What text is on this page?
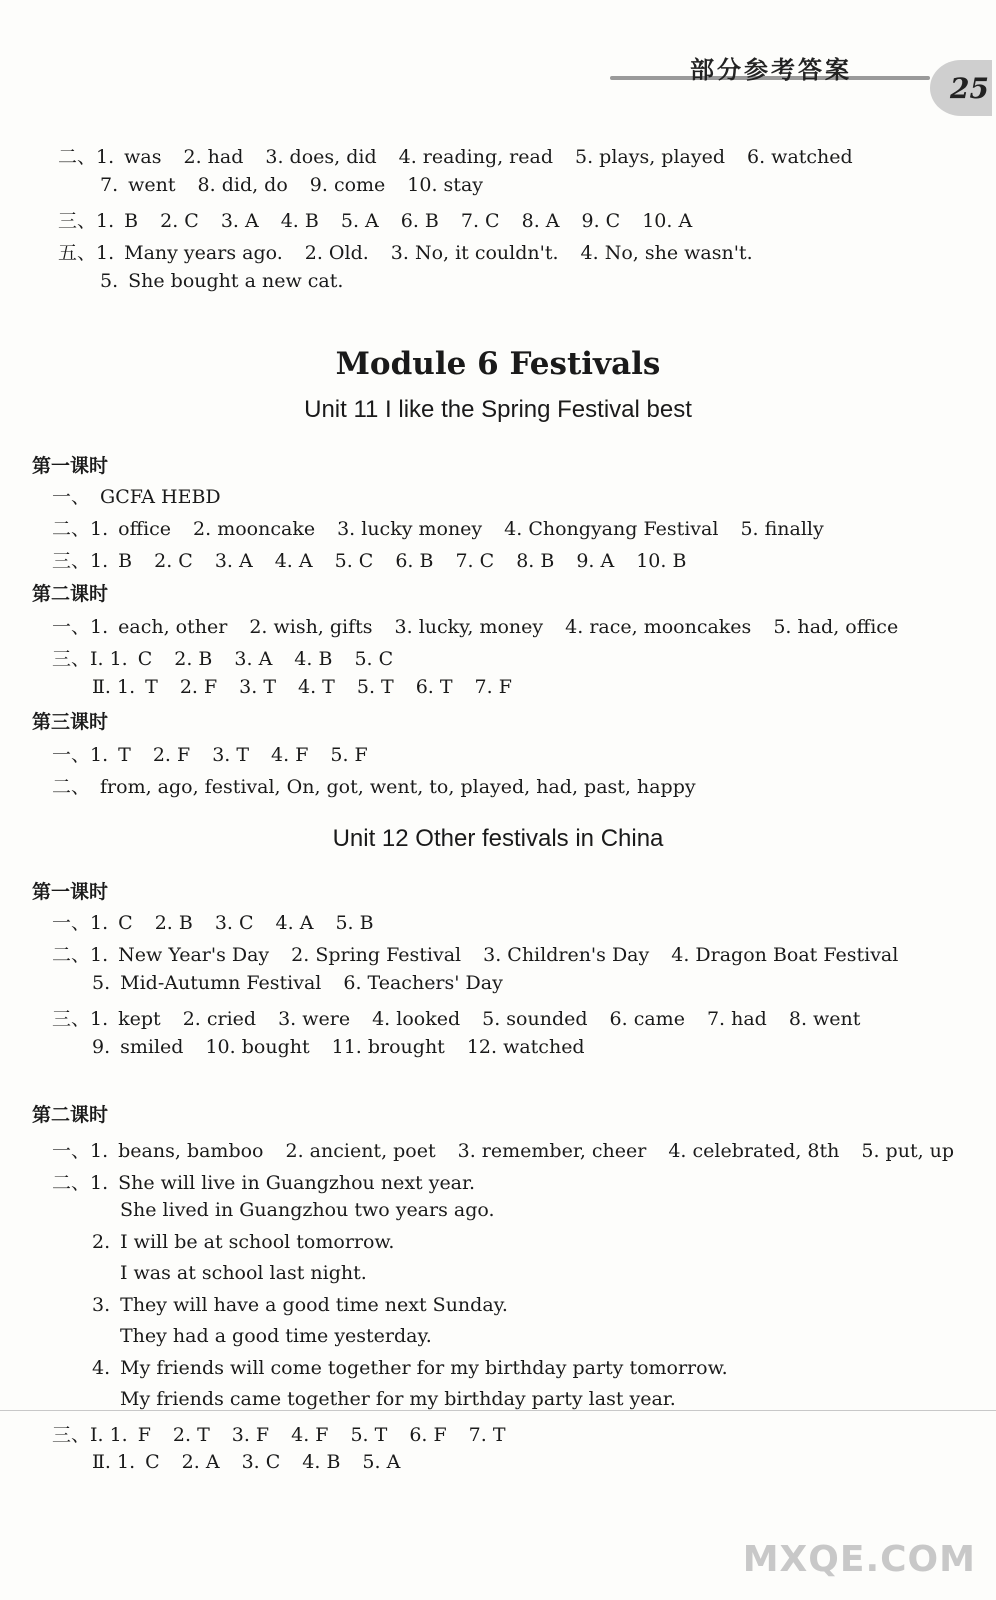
部分参考答案
25
二、1. was 2. had 3. does, did 4. reading, read 5. plays, played 6. watched
7. went 8. did, do 9. come 10. stay
三、1. B 2. C 3. A 4. B 5. A 6. B 7. C 8. A 9. C 10. A
五、1. Many years ago. 2. Old. 3. No, it couldn't. 4. No, she wasn't.
5. She bought a new cat.
Module 6 Festivals
Unit 11 I like the Spring Festival best
第一课时
一、 GCFA HEBD
二、1. office 2. mooncake 3. lucky money 4. Chongyang Festival 5. finally
三、1. B 2. C 3. A 4. A 5. C 6. B 7. C 8. B 9. A 10. B
第二课时
一、1. each, other 2. wish, gifts 3. lucky, money 4. race, mooncakes 5. had, office
三、Ⅰ. 1. C 2. B 3. A 4. B 5. C
Ⅱ. 1. T 2. F 3. T 4. T 5. T 6. T 7. F
第三课时
一、1. T 2. F 3. T 4. F 5. F
二、 from, ago, festival, On, got, went, to, played, had, past, happy
Unit 12 Other festivals in China
第一课时
一、1. C 2. B 3. C 4. A 5. B
二、1. New Year's Day 2. Spring Festival 3. Children's Day 4. Dragon Boat Festival
5. Mid-Autumn Festival 6. Teachers' Day
三、1. kept 2. cried 3. were 4. looked 5. sounded 6. came 7. had 8. went
9. smiled 10. bought 11. brought 12. watched
第二课时
一、1. beans, bamboo 2. ancient, poet 3. remember, cheer 4. celebrated, 8th 5. put, up
二、1. She will live in Guangzhou next year.
She lived in Guangzhou two years ago.
2. I will be at school tomorrow.
I was at school last night.
3. They will have a good time next Sunday.
They had a good time yesterday.
4. My friends will come together for my birthday party tomorrow.
My friends came together for my birthday party last year.
三、Ⅰ. 1. F 2. T 3. F 4. F 5. T 6. F 7. T
Ⅱ. 1. C 2. A 3. C 4. B 5. A
MXQE.COM
